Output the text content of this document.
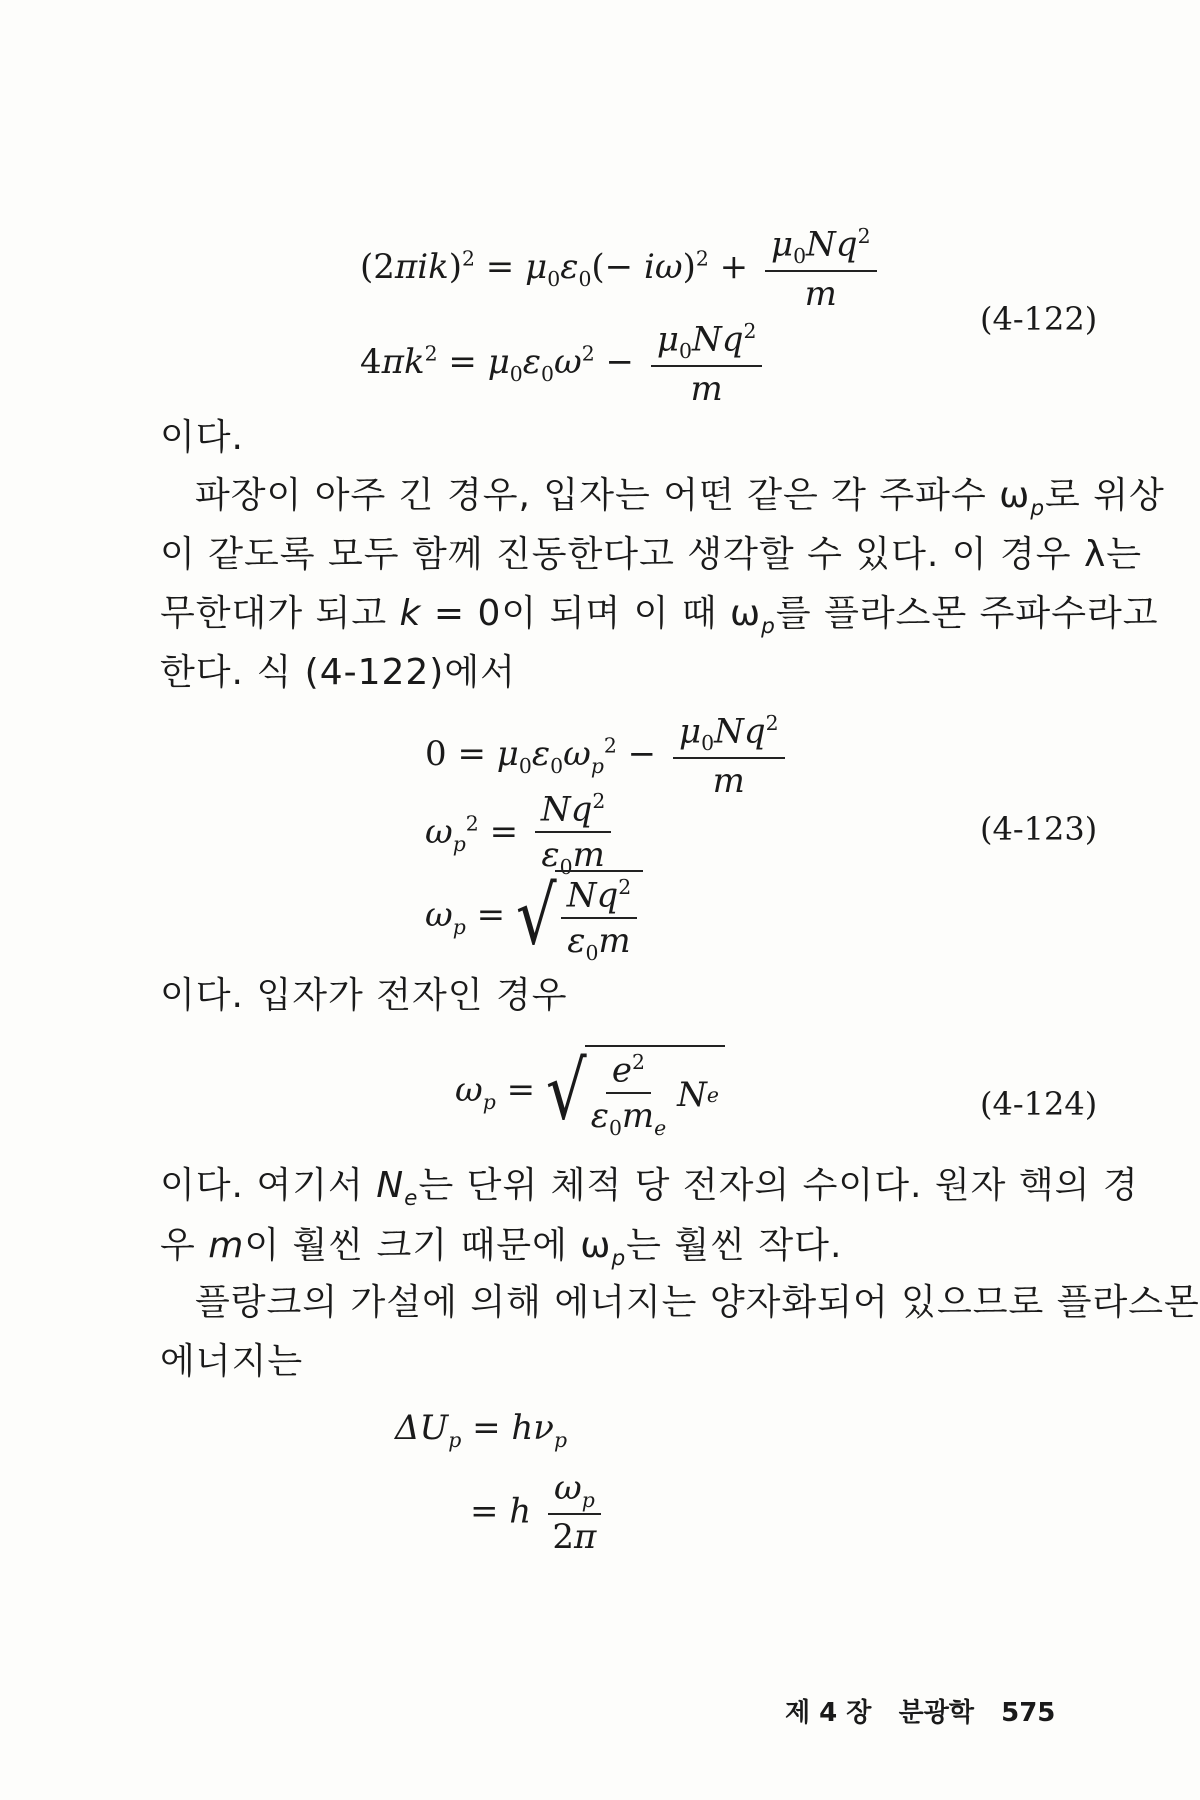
$(2\pi ik)^2 = \mu_0\varepsilon_0(- i\omega)^2 + \frac{\mu_0Nq^2}{m}$
$4\pi k^2 = \mu_0\varepsilon_0\omega^2 - \frac{\mu_0Nq^2}{m}$
(4-122)
이다.
파장이 아주 긴 경우, 입자는 어떤 같은 각 주파수 $\omega_p$로 위상
이 같도록 모두 함께 진동한다고 생각할 수 있다. 이 경우 λ는
무한대가 되고 k = 0이 되며 이 때 $\omega_p$를 플라스몬 주파수라고
한다. 식 (4-122)에서
$0 = \mu_0\varepsilon_0\omega_p^2 - \frac{\mu_0Nq^2}{m}$
$\omega_p^2 = \frac{Nq^2}{\varepsilon_0m}$	(4-123)
$\omega_p$ = √ $\frac{Nq^2}{\varepsilon_0m}$
이다. 입자가 전자인 경우
$\omega_p$ = √ $\frac{e^2}{\varepsilon_0m_e}$
N e	(4-124)
이다. 여기서 $N_e$는 단위 체적 당 전자의 수이다. 원자 핵의 경
우 m이 훨씬 크기 때문에 $\omega_p$는 훨씬 작다.
플랑크의 가설에 의해 에너지는 양자화되어 있으므로 플라스몬
에너지는
$\Delta U_p = h\nu_p$
= h $\frac{\omega_p}{2\pi}$
제 4 장 분광학 575
